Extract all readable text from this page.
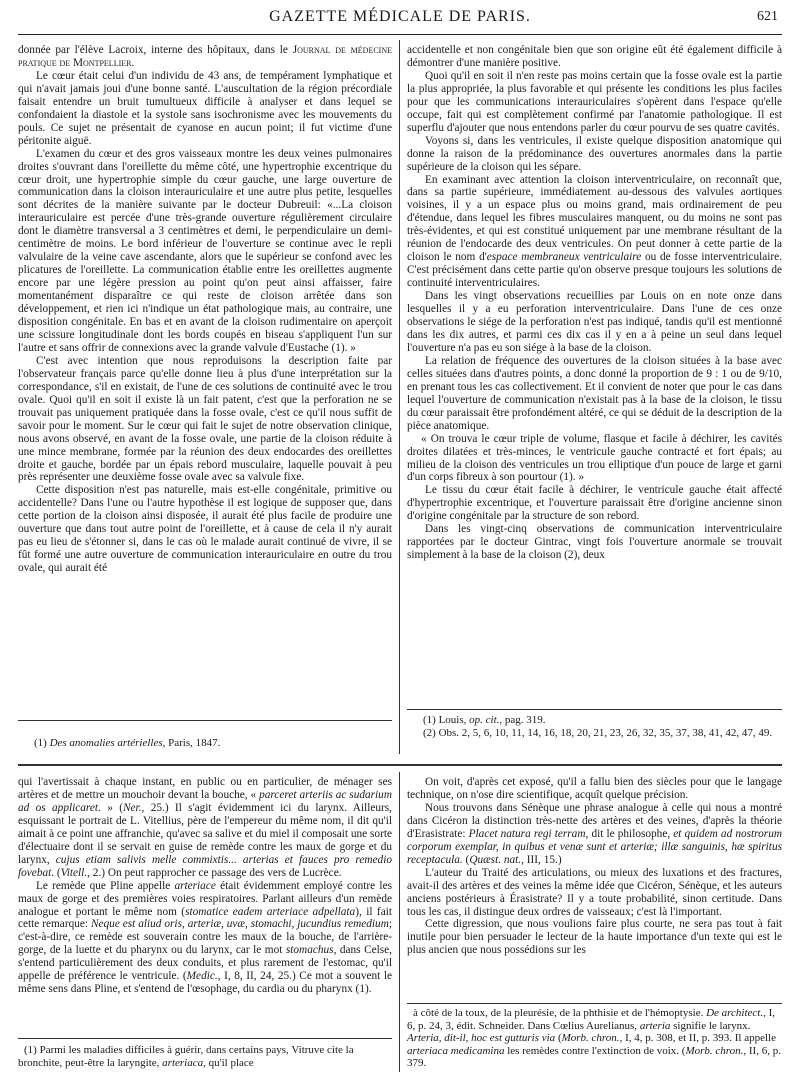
GAZETTE MÉDICALE DE PARIS.	621

donnée par l'élève Lacroix, interne des hôpitaux, dans le Journal de médecine pratique de Montpellier.

Le cœur était celui d'un individu de 43 ans, de tempérament lymphatique et qui n'avait jamais joui d'une bonne santé. L'auscultation de la région précordiale faisait entendre un bruit tumultueux difficile à analyser et dans lequel se confondaient la diastole et la systole sans isochronisme avec les mouvements du pouls. Ce sujet ne présentait de cyanose en aucun point; il fut victime d'une péritonite aiguë.

L'examen du cœur et des gros vaisseaux montre les deux veines pulmonaires droites s'ouvrant dans l'oreillette du même côté, une hypertrophie excentrique du cœur droit, une hypertrophie simple du cœur gauche, une large ouverture de communication dans la cloison interauriculaire et une autre plus petite, lesquelles sont décrites de la manière suivante par le docteur Dubreuil: «...La cloison interauriculaire est percée d'une très-grande ouverture régulièrement circulaire dont le diamètre transversal a 3 centimètres et demi, le perpendiculaire un demi-centimètre de moins. Le bord inférieur de l'ouverture se continue avec le repli valvulaire de la veine cave ascendante, alors que le supérieur se confond avec les plicatures de l'oreillette. La communication établie entre les oreillettes augmente encore par une légère pression au point qu'on peut ainsi affaisser, faire momentanément disparaître ce qui reste de cloison arrêtée dans son développement, et rien ici n'indique un état pathologique mais, au contraire, une disposition congénitale. En bas et en avant de la cloison rudimentaire on aperçoit une scissure longitudinale dont les bords coupés en biseau s'appliquent l'un sur l'autre et sans offrir de connexions avec la grande valvule d'Eustache (1). »

C'est avec intention que nous reproduisons la description faite par l'observateur français parce qu'elle donne lieu à plus d'une interprétation sur la correspondance, s'il en existait, de l'une de ces solutions de continuité avec le trou ovale. Quoi qu'il en soit il existe là un fait patent, c'est que la perforation ne se trouvait pas uniquement pratiquée dans la fosse ovale, c'est ce qu'il nous suffit de savoir pour le moment. Sur le cœur qui fait le sujet de notre observation clinique, nous avons observé, en avant de la fosse ovale, une partie de la cloison réduite à une mince membrane, formée par la réunion des deux endocardes des oreillettes droite et gauche, bordée par un épais rebord musculaire, laquelle pouvait à peu près représenter une deuxième fosse ovale avec sa valvule fixe.

Cette disposition n'est pas naturelle, mais est-elle congénitale, primitive ou accidentelle? Dans l'une ou l'autre hypothèse il est logique de supposer que, dans cette portion de la cloison ainsi disposée, il aurait été plus facile de produire une ouverture que dans tout autre point de l'oreillette, et à cause de cela il n'y aurait pas eu lieu de s'étonner si, dans le cas où le malade aurait continué de vivre, il se fût formé une autre ouverture de communication interauriculaire en outre du trou ovale, qui aurait été

accidentelle et non congénitale bien que son origine eût été également difficile à démontrer d'une manière positive.

Quoi qu'il en soit il n'en reste pas moins certain que la fosse ovale est la partie la plus appropriée, la plus favorable et qui présente les conditions les plus faciles pour que les communications interauriculaires s'opèrent dans l'espace qu'elle occupe, fait qui est complètement confirmé par l'anatomie pathologique. Il est superflu d'ajouter que nous entendons parler du cœur pourvu de ses quatre cavités.

Voyons si, dans les ventricules, il existe quelque disposition anatomique qui donne la raison de la prédominance des ouvertures anormales dans la partie supérieure de la cloison qui les sépare.

En examinant avec attention la cloison interventriculaire, on reconnaît que, dans sa partie supérieure, immédiatement au-dessous des valvules aortiques voisines, il y a un espace plus ou moins grand, mais ordinairement de peu d'étendue, dans lequel les fibres musculaires manquent, ou du moins ne sont pas très-évidentes, et qui est constitué uniquement par une membrane résultant de la réunion de l'endocarde des deux ventricules. On peut donner à cette partie de la cloison le nom d'espace membraneux ventriculaire ou de fosse interventriculaire. C'est précisément dans cette partie qu'on observe presque toujours les solutions de continuité interventriculaires.

Dans les vingt observations recueillies par Louis on en note onze dans lesquelles il y a eu perforation interventriculaire. Dans l'une de ces onze observations le siége de la perforation n'est pas indiqué, tandis qu'il est mentionné dans les dix autres, et parmi ces dix cas il y en a à peine un seul dans lequel l'ouverture n'a pas eu son siége à la base de la cloison.

La relation de fréquence des ouvertures de la cloison situées à la base avec celles situées dans d'autres points, a donc donné la proportion de 9 : 1 ou de 9/10, en prenant tous les cas collectivement. Et il convient de noter que pour le cas dans lequel l'ouverture de communication n'existait pas à la base de la cloison, le tissu du cœur paraissait être profondément altéré, ce qui se déduit de la description de la pièce anatomique.

« On trouva le cœur triple de volume, flasque et facile à déchirer, les cavités droites dilatées et très-minces, le ventricule gauche contracté et fort épais; au milieu de la cloison des ventricules un trou elliptique d'un pouce de large et garni d'un corps fibreux à son pourtour (1). »

Le tissu du cœur était facile à déchirer, le ventricule gauche était affecté d'hypertrophie excentrique, et l'ouverture paraissait être d'origine ancienne sinon d'origine congénitale par la structure de son rebord.

Dans les vingt-cinq observations de communication interventriculaire rapportées par le docteur Gintrac, vingt fois l'ouverture anormale se trouvait simplement à la base de la cloison (2), deux

(1) Des anomalies artérielles, Paris, 1847.

(1) Louis, op. cit., pag. 319.

(2) Obs. 2, 5, 6, 10, 11, 14, 16, 18, 20, 21, 23, 26, 32, 35, 37, 38, 41, 42, 47, 49.

qui l'avertissait à chaque instant, en public ou en particulier, de ménager ses artères et de mettre un mouchoir devant la bouche, « parceret arteriis ac sudarium ad os applicaret. » (Ner., 25.) Il s'agit évidemment ici du larynx. Ailleurs, esquissant le portrait de L. Vitellius, père de l'empereur du même nom, il dit qu'il aimait à ce point une affranchie, qu'avec sa salive et du miel il composait une sorte d'électuaire dont il se servait en guise de remède contre les maux de gorge et du larynx, cujus etiam salivis melle commixtis... arterias et fauces pro remedio fovebat. (Vitell., 2.) On peut rapprocher ce passage des vers de Lucrèce.

Le remède que Pline appelle arteriace était évidemment employé contre les maux de gorge et des premières voies respiratoires. Parlant ailleurs d'un remède analogue et portant le même nom (stomatice eadem arteriace adpellata), il fait cette remarque: Neque est aliud oris, arteriæ, uvæ, stomachi, jucundius remedium; c'est-à-dire, ce remède est souverain contre les maux de la bouche, de l'arrière-gorge, de la luette et du pharynx ou du larynx, car le mot stomachus, dans Celse, s'entend particulièrement des deux conduits, et plus rarement de l'estomac, qu'il appelle de préférence le ventricule. (Medic., I, 8, II, 24, 25.) Ce mot a souvent le même sens dans Pline, et s'entend de l'œsophage, du cardia ou du pharynx (1).

On voit, d'après cet exposé, qu'il a fallu bien des siècles pour que le langage technique, on n'ose dire scientifique, acquît quelque précision.

Nous trouvons dans Sénèque une phrase analogue à celle qui nous a montré dans Cicéron la distinction très-nette des artères et des veines, d'après la théorie d'Erasistrate: Placet natura regi terram, dit le philosophe, et quidem ad nostrorum corporum exemplar, in quibus et venæ sunt et arteriæ; illæ sanguinis, hæ spiritus receptacula. (Quæst. nat., III, 15.)

L'auteur du Traité des articulations, ou mieux des luxations et des fractures, avait-il des artères et des veines la même idée que Cicéron, Sénèque, et les auteurs anciens postérieurs à Érasistrate? Il y a toute probabilité, sinon certitude. Dans tous les cas, il distingue deux ordres de vaisseaux; c'est là l'important.

Cette digression, que nous voulions faire plus courte, ne sera pas tout à fait inutile pour bien persuader le lecteur de la haute importance d'un texte qui est le plus ancien que nous possédions sur les

(1) Parmi les maladies difficiles à guérir, dans certains pays, Vitruve cite la bronchite, peut-être la laryngite, arteriaca, qu'il place

à côté de la toux, de la pleurésie, de la phthisie et de l'hémoptysie. De architect., I, 6, p. 24, 3, édit. Schneider. Dans Cœlius Aurelianus, arteria signifie le larynx. Arteria, dit-il, hoc est gutturis via (Morb. chron., I, 4, p. 308, et II, p. 393. Il appelle arteriaca medicamina les remèdes contre l'extinction de voix. (Morb. chron., II, 6, p. 379.
